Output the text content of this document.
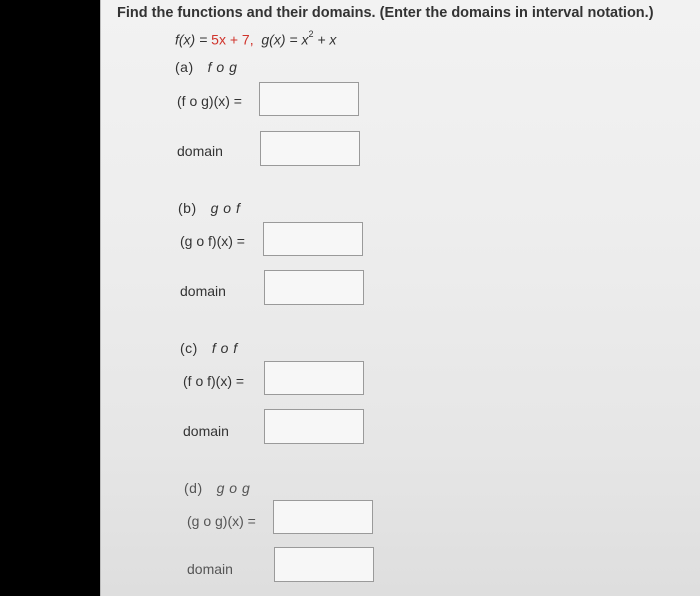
Find the functions and their domains. (Enter the domains in interval notation.)
f(x) = 5x + 7, $g(x) = x^2 + x$
(a) f o g
(f o g)(x) =
domain
(b) g o f
(g o f)(x) =
domain
(c) f o f
(f o f)(x) =
domain
(d) g o g
(g o g)(x) =
domain
